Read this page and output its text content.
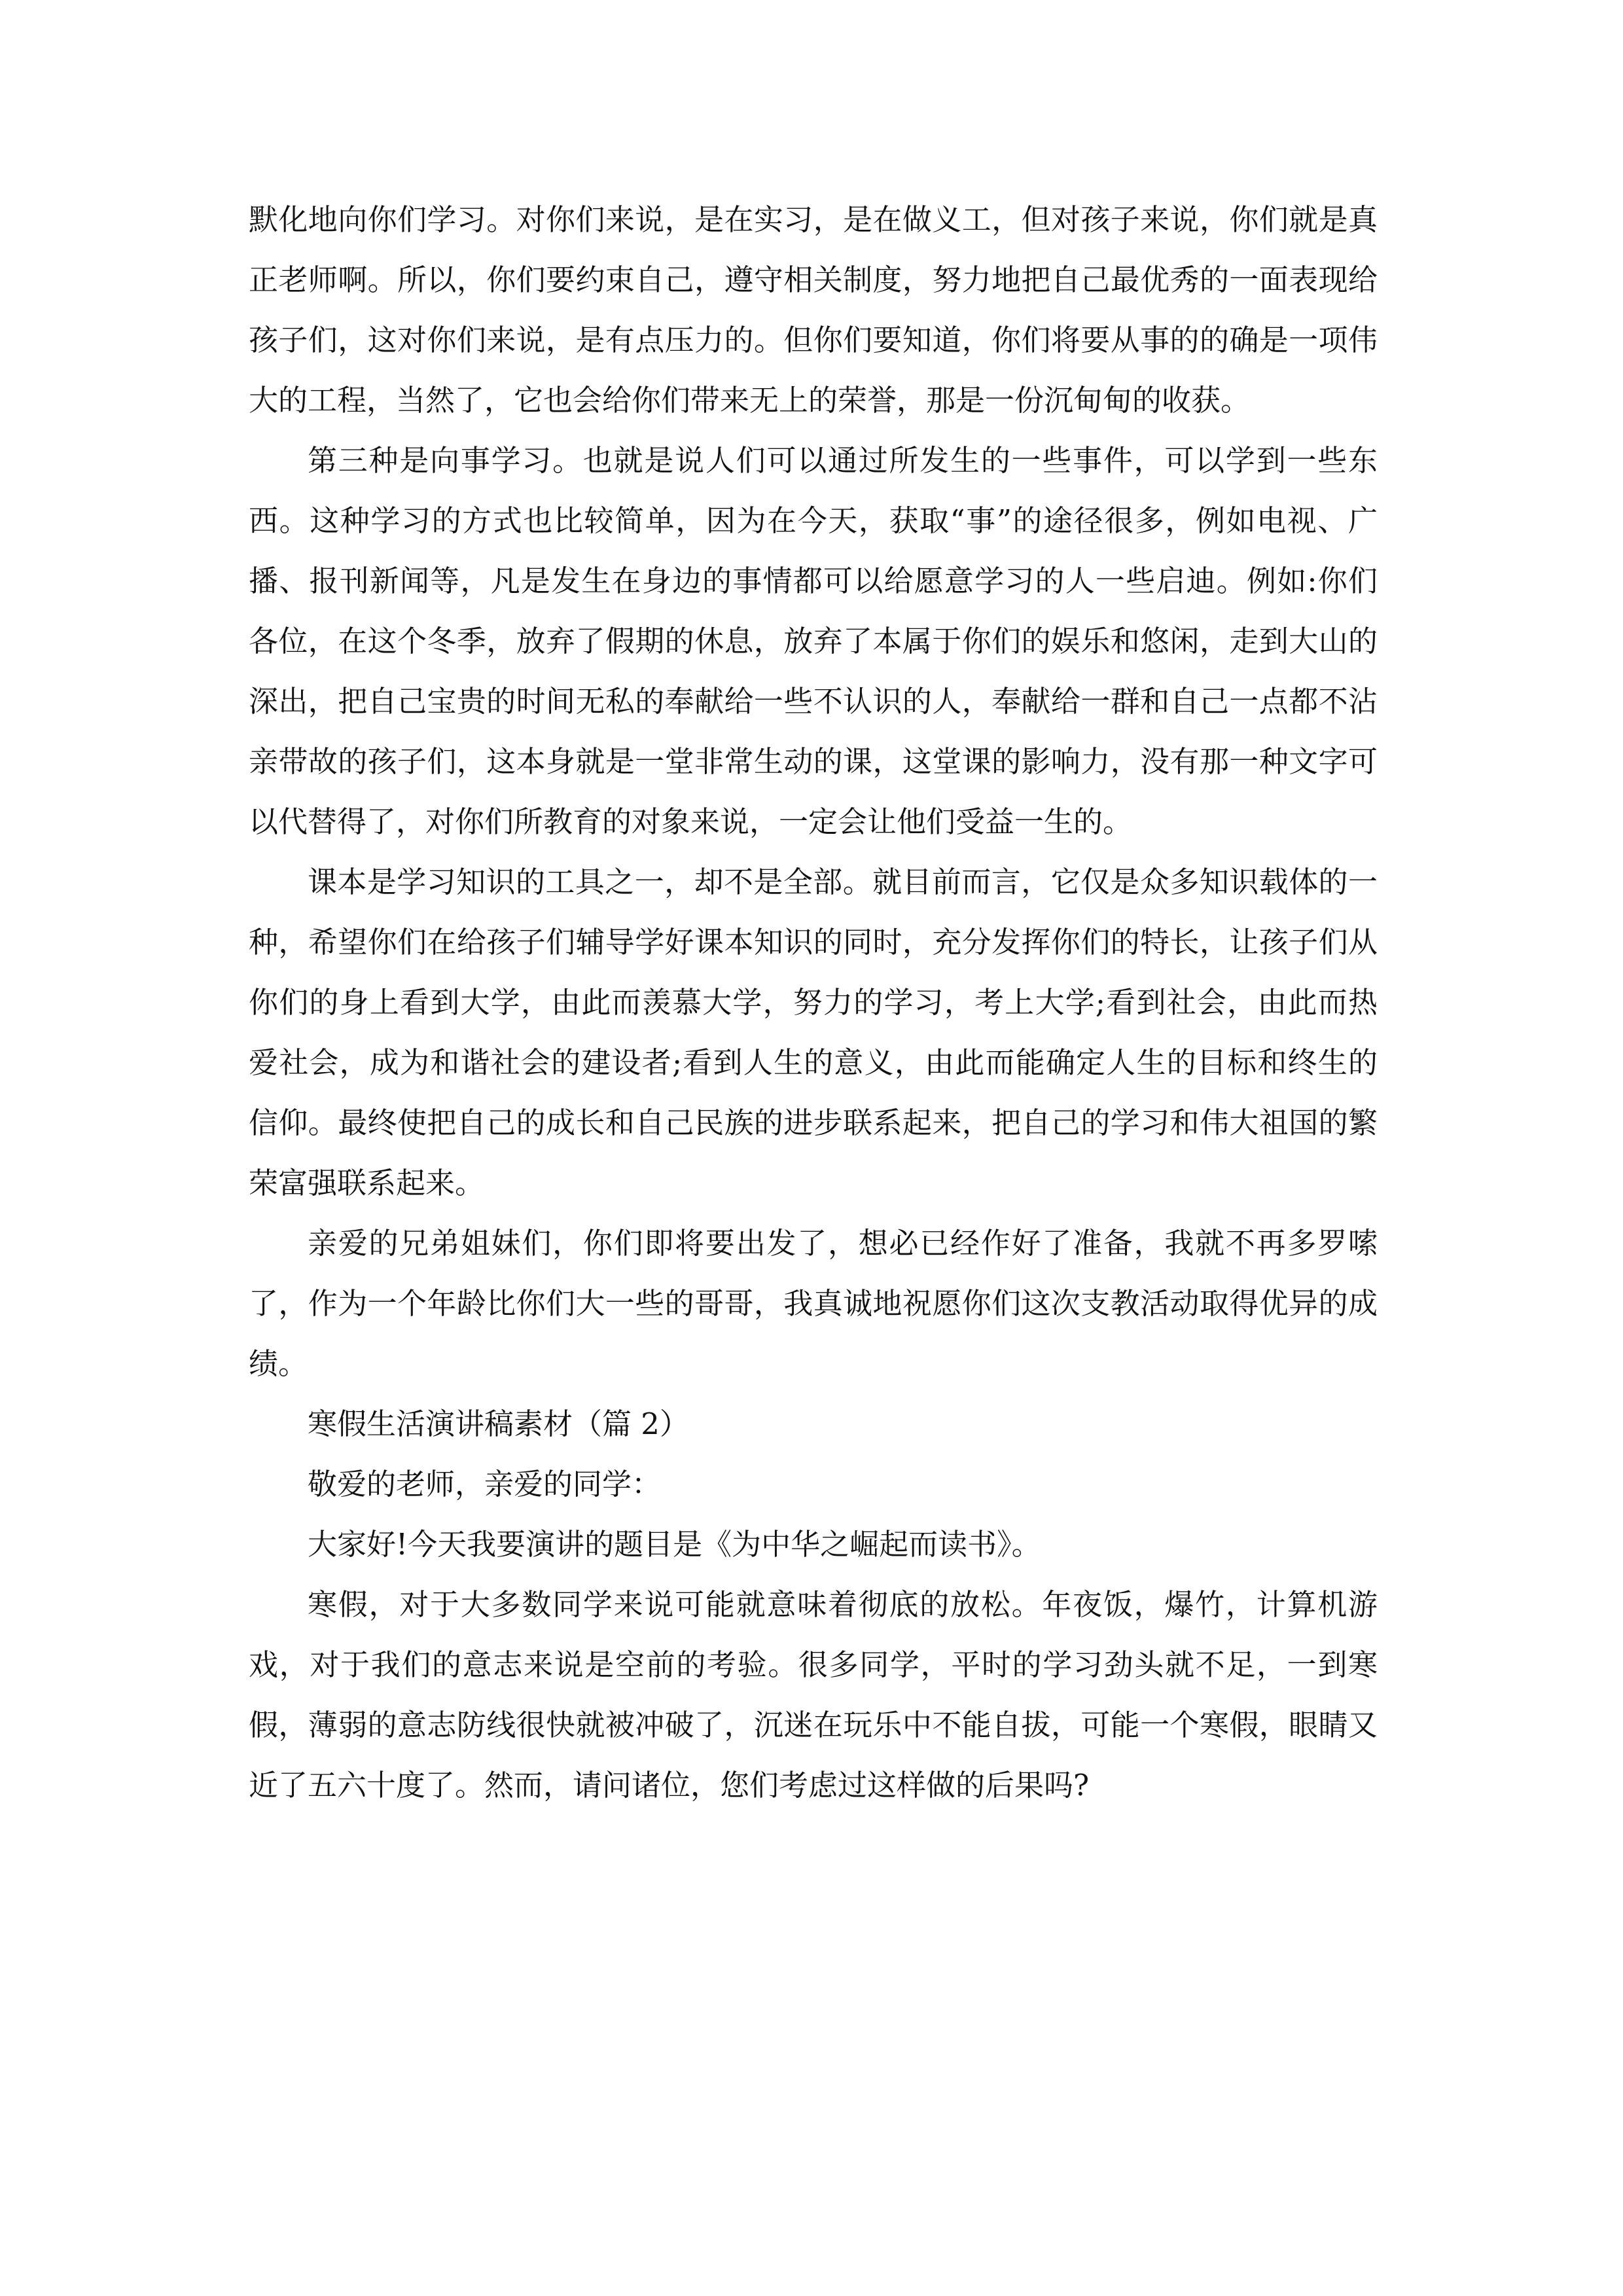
默化地向你们学习。对你们来说，是在实习，是在做义工，但对孩子来说，你们就是真正老师啊。所以，你们要约束自己，遵守相关制度，努力地把自己最优秀的一面表现给孩子们，这对你们来说，是有点压力的。但你们要知道，你们将要从事的的确是一项伟大的工程，当然了，它也会给你们带来无上的荣誉，那是一份沉甸甸的收获。

第三种是向事学习。也就是说人们可以通过所发生的一些事件，可以学到一些东西。这种学习的方式也比较简单，因为在今天，获取“事”的途径很多，例如电视、广播、报刊新闻等，凡是发生在身边的事情都可以给愿意学习的人一些启迪。例如:你们各位，在这个冬季，放弃了假期的休息，放弃了本属于你们的娱乐和悠闲，走到大山的深出，把自己宝贵的时间无私的奉献给一些不认识的人，奉献给一群和自己一点都不沾亲带故的孩子们，这本身就是一堂非常生动的课，这堂课的影响力，没有那一种文字可以代替得了，对你们所教育的对象来说，一定会让他们受益一生的。

课本是学习知识的工具之一，却不是全部。就目前而言，它仅是众多知识载体的一种，希望你们在给孩子们辅导学好课本知识的同时，充分发挥你们的特长，让孩子们从你们的身上看到大学，由此而羡慕大学，努力的学习，考上大学;看到社会，由此而热爱社会，成为和谐社会的建设者;看到人生的意义，由此而能确定人生的目标和终生的信仰。最终使把自己的成长和自己民族的进步联系起来，把自己的学习和伟大祖国的繁荣富强联系起来。

亲爱的兄弟姐妹们，你们即将要出发了，想必已经作好了准备，我就不再多罗嗦了，作为一个年龄比你们大一些的哥哥，我真诚地祝愿你们这次支教活动取得优异的成绩。

寒假生活演讲稿素材（篇 2）

敬爱的老师，亲爱的同学：

大家好!今天我要演讲的题目是《为中华之崛起而读书》。

寒假，对于大多数同学来说可能就意味着彻底的放松。年夜饭，爆竹，计算机游戏，对于我们的意志来说是空前的考验。很多同学，平时的学习劲头就不足，一到寒假，薄弱的意志防线很快就被冲破了，沉迷在玩乐中不能自拔，可能一个寒假，眼睛又近了五六十度了。然而，请问诸位，您们考虑过这样做的后果吗?
